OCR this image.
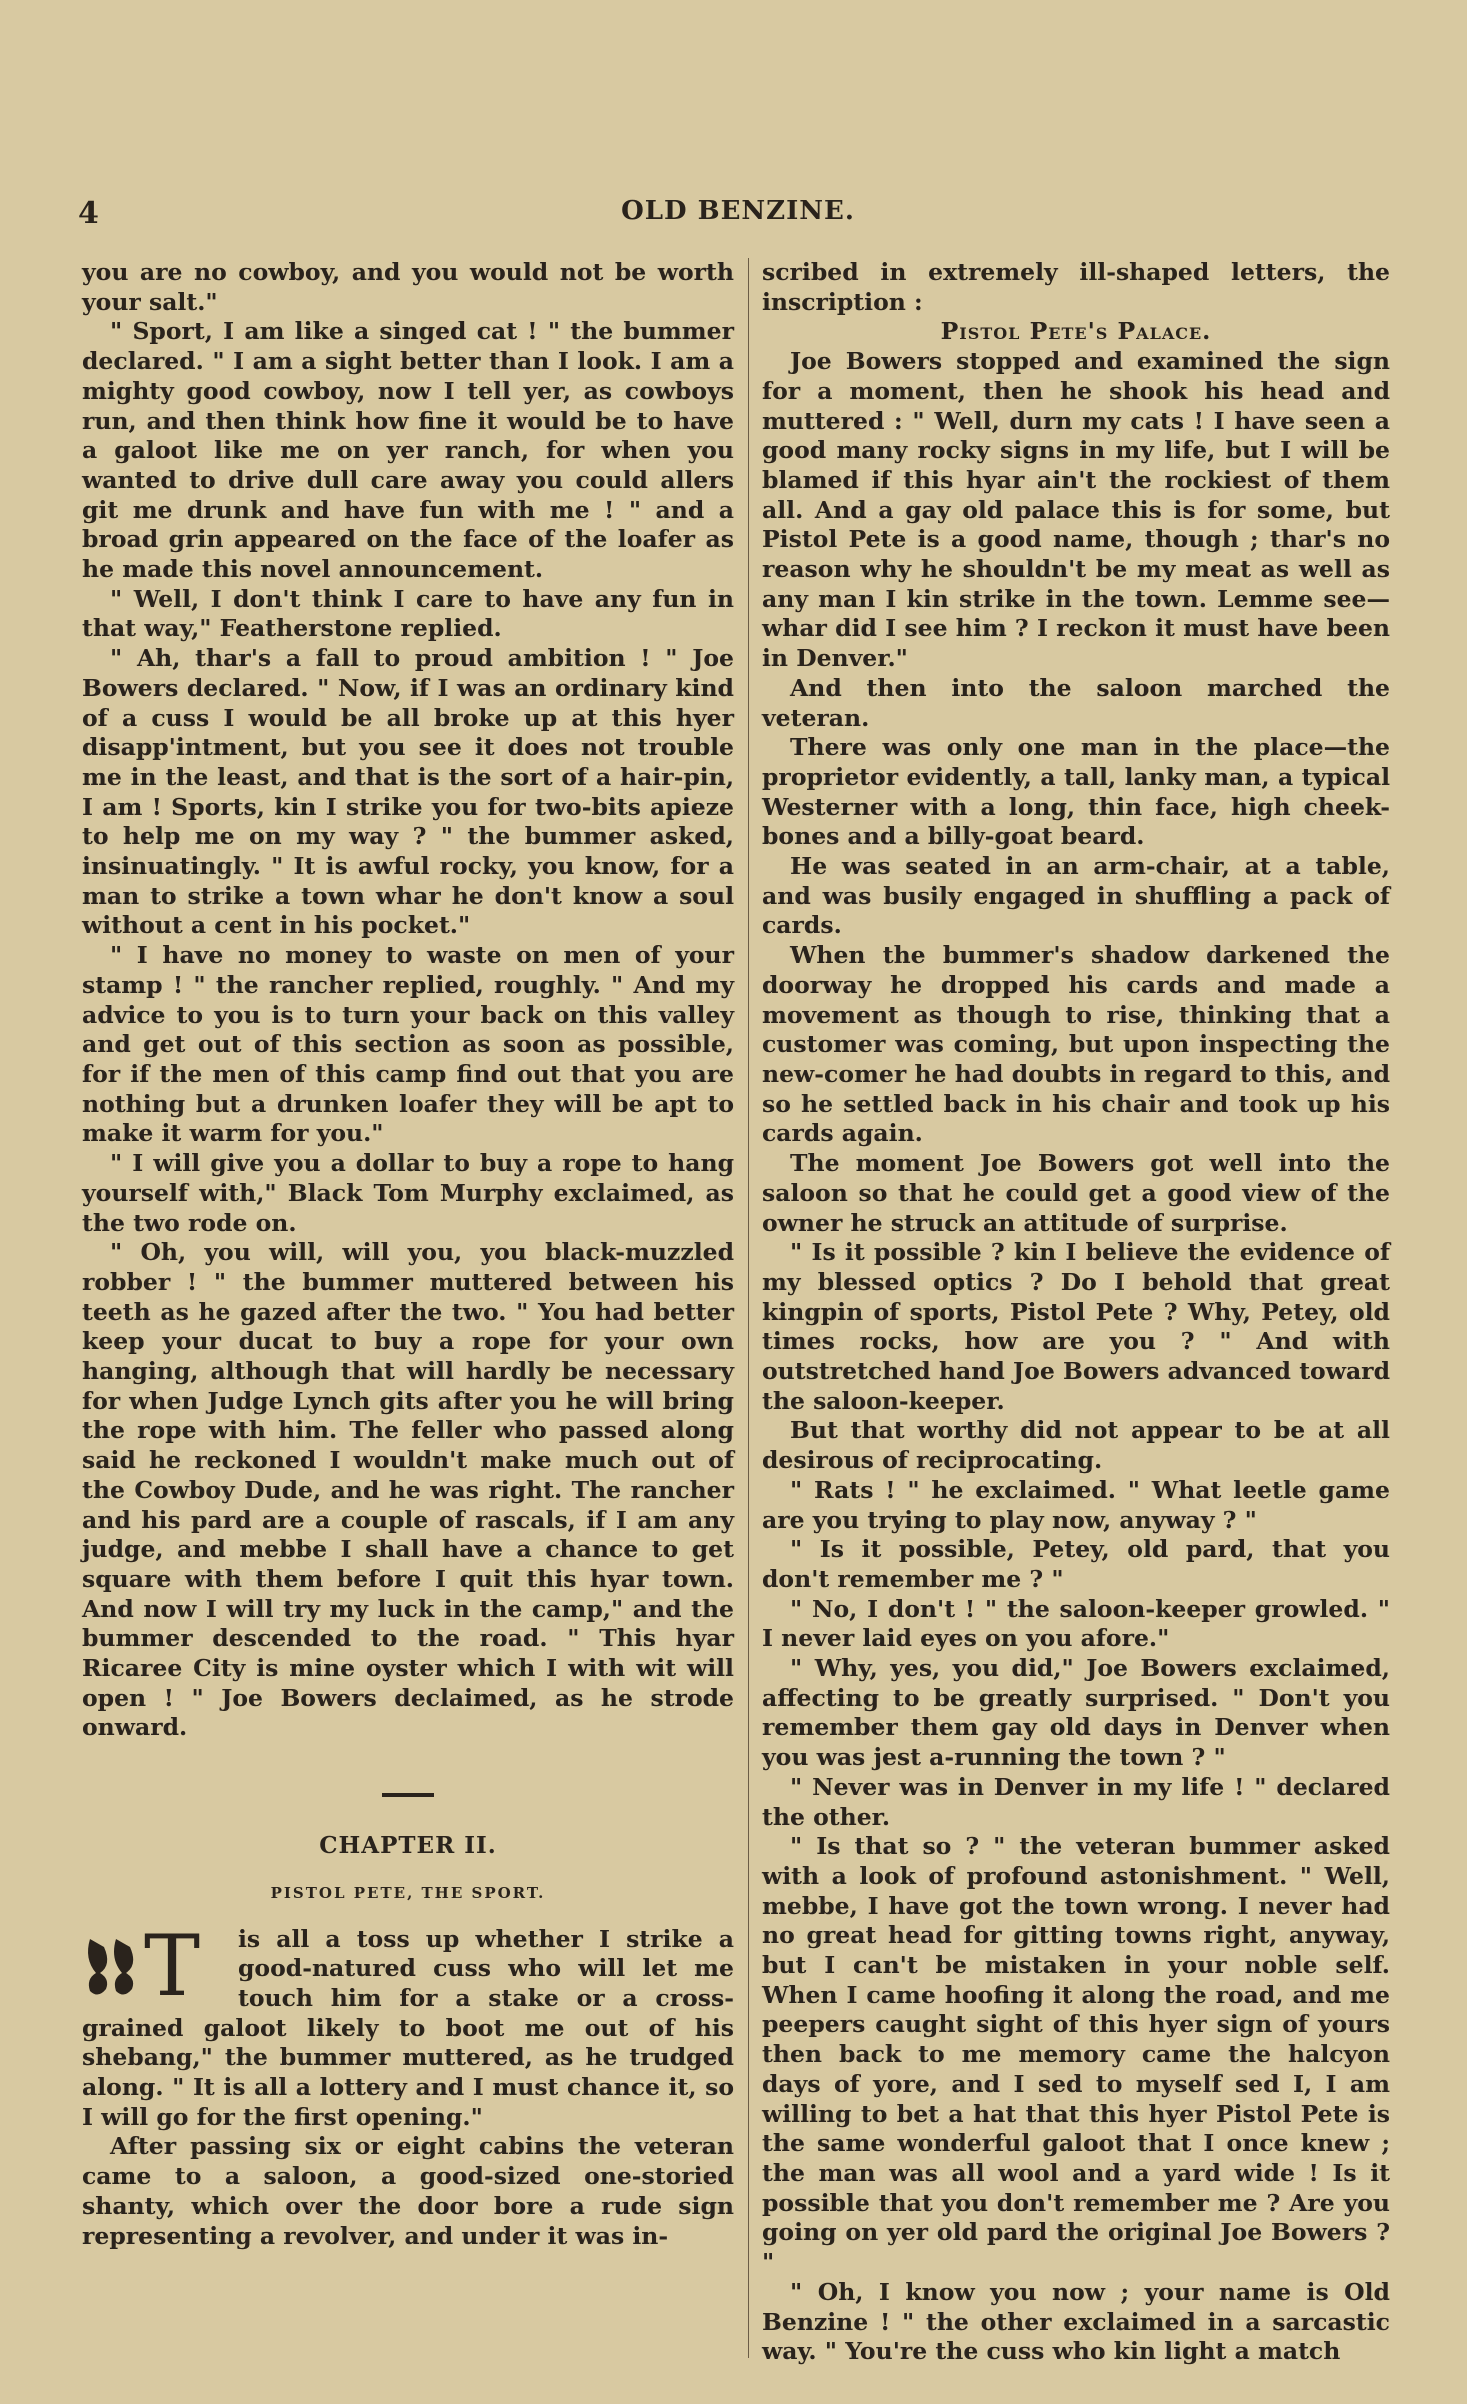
4	OLD BENZINE.

you are no cowboy, and you would not be worth your salt."

" Sport, I am like a singed cat ! " the bummer declared. " I am a sight better than I look. I am a mighty good cowboy, now I tell yer, as cowboys run, and then think how fine it would be to have a galoot like me on yer ranch, for when you wanted to drive dull care away you could allers git me drunk and have fun with me ! " and a broad grin appeared on the face of the loafer as he made this novel announcement.

" Well, I don't think I care to have any fun in that way," Featherstone replied.

" Ah, thar's a fall to proud ambition ! " Joe Bowers declared. " Now, if I was an ordinary kind of a cuss I would be all broke up at this hyer disapp'intment, but you see it does not trouble me in the least, and that is the sort of a hair-pin, I am ! Sports, kin I strike you for two-bits apieze to help me on my way ? " the bummer asked, insinuatingly. " It is awful rocky, you know, for a man to strike a town whar he don't know a soul without a cent in his pocket."

" I have no money to waste on men of your stamp ! " the rancher replied, roughly. " And my advice to you is to turn your back on this valley and get out of this section as soon as possible, for if the men of this camp find out that you are nothing but a drunken loafer they will be apt to make it warm for you."

" I will give you a dollar to buy a rope to hang yourself with," Black Tom Murphy exclaimed, as the two rode on.

" Oh, you will, will you, you black-muzzled robber ! " the bummer muttered between his teeth as he gazed after the two. " You had better keep your ducat to buy a rope for your own hanging, although that will hardly be necessary for when Judge Lynch gits after you he will bring the rope with him. The feller who passed along said he reckoned I wouldn't make much out of the Cowboy Dude, and he was right. The rancher and his pard are a couple of rascals, if I am any judge, and mebbe I shall have a chance to get square with them before I quit this hyar town. And now I will try my luck in the camp," and the bummer descended to the road. " This hyar Ricaree City is mine oyster which I with wit will open ! " Joe Bowers declaimed, as he strode onward.

CHAPTER II.
PISTOL PETE, THE SPORT.

T is all a toss up whether I strike a good-natured cuss who will let me touch him for a stake or a cross-grained galoot likely to boot me out of his shebang," the bummer muttered, as he trudged along. " It is all a lottery and I must chance it, so I will go for the first opening."

After passing six or eight cabins the veteran came to a saloon, a good-sized one-storied shanty, which over the door bore a rude sign representing a revolver, and under it was in-

scribed in extremely ill-shaped letters, the inscription :

Pistol Pete's Palace.

Joe Bowers stopped and examined the sign for a moment, then he shook his head and muttered : " Well, durn my cats ! I have seen a good many rocky signs in my life, but I will be blamed if this hyar ain't the rockiest of them all. And a gay old palace this is for some, but Pistol Pete is a good name, though ; thar's no reason why he shouldn't be my meat as well as any man I kin strike in the town. Lemme see—whar did I see him ? I reckon it must have been in Denver."

And then into the saloon marched the veteran.

There was only one man in the place—the proprietor evidently, a tall, lanky man, a typical Westerner with a long, thin face, high cheek-bones and a billy-goat beard.

He was seated in an arm-chair, at a table, and was busily engaged in shuffling a pack of cards.

When the bummer's shadow darkened the doorway he dropped his cards and made a movement as though to rise, thinking that a customer was coming, but upon inspecting the new-comer he had doubts in regard to this, and so he settled back in his chair and took up his cards again.

The moment Joe Bowers got well into the saloon so that he could get a good view of the owner he struck an attitude of surprise.

" Is it possible ? kin I believe the evidence of my blessed optics ? Do I behold that great kingpin of sports, Pistol Pete ? Why, Petey, old times rocks, how are you ? " And with outstretched hand Joe Bowers advanced toward the saloon-keeper.

But that worthy did not appear to be at all desirous of reciprocating.

" Rats ! " he exclaimed. " What leetle game are you trying to play now, anyway ? "

" Is it possible, Petey, old pard, that you don't remember me ? "

" No, I don't ! " the saloon-keeper growled. " I never laid eyes on you afore."

" Why, yes, you did," Joe Bowers exclaimed, affecting to be greatly surprised. " Don't you remember them gay old days in Denver when you was jest a-running the town ? "

" Never was in Denver in my life ! " declared the other.

" Is that so ? " the veteran bummer asked with a look of profound astonishment. " Well, mebbe, I have got the town wrong. I never had no great head for gitting towns right, anyway, but I can't be mistaken in your noble self. When I came hoofing it along the road, and me peepers caught sight of this hyer sign of yours then back to me memory came the halcyon days of yore, and I sed to myself sed I, I am willing to bet a hat that this hyer Pistol Pete is the same wonderful galoot that I once knew ; the man was all wool and a yard wide ! Is it possible that you don't remember me ? Are you going on yer old pard the original Joe Bowers ? "

" Oh, I know you now ; your name is Old Benzine ! " the other exclaimed in a sarcastic way. " You're the cuss who kin light a match
